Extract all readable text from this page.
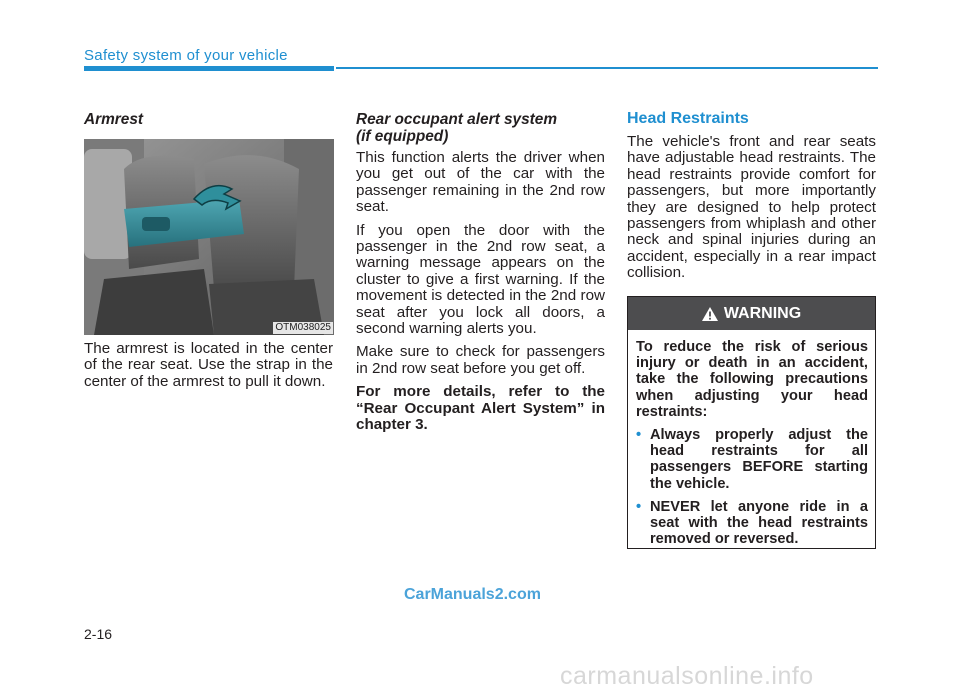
Safety system of your vehicle
Armrest
OTM038025

The armrest is located in the center of the rear seat. Use the strap in the center of the armrest to pull it down.

Rear occupant alert system
(if equipped)

This function alerts the driver when you get out of the car with the passenger remaining in the 2nd row seat.

If you open the door with the passenger in the 2nd row seat, a warning message appears on the cluster to give a first warning. If the movement is detected in the 2nd row seat after you lock all doors, a second warning alerts you.

Make sure to check for passengers in 2nd row seat before you get off.

For more details, refer to the “Rear Occupant Alert System” in chapter 3.

Head Restraints

The vehicle's front and rear seats have adjustable head restraints. The head restraints provide comfort for passengers, but more importantly they are designed to help protect passengers from whiplash and other neck and spinal injuries during an accident, especially in a rear impact collision.

WARNING
To reduce the risk of serious injury or death in an accident, take the following precautions when adjusting your head restraints:
• Always properly adjust the head restraints for all passengers BEFORE starting the vehicle.
• NEVER let anyone ride in a seat with the head restraints removed or reversed.
CarManuals2.com
2-16
carmanualsonline.info
